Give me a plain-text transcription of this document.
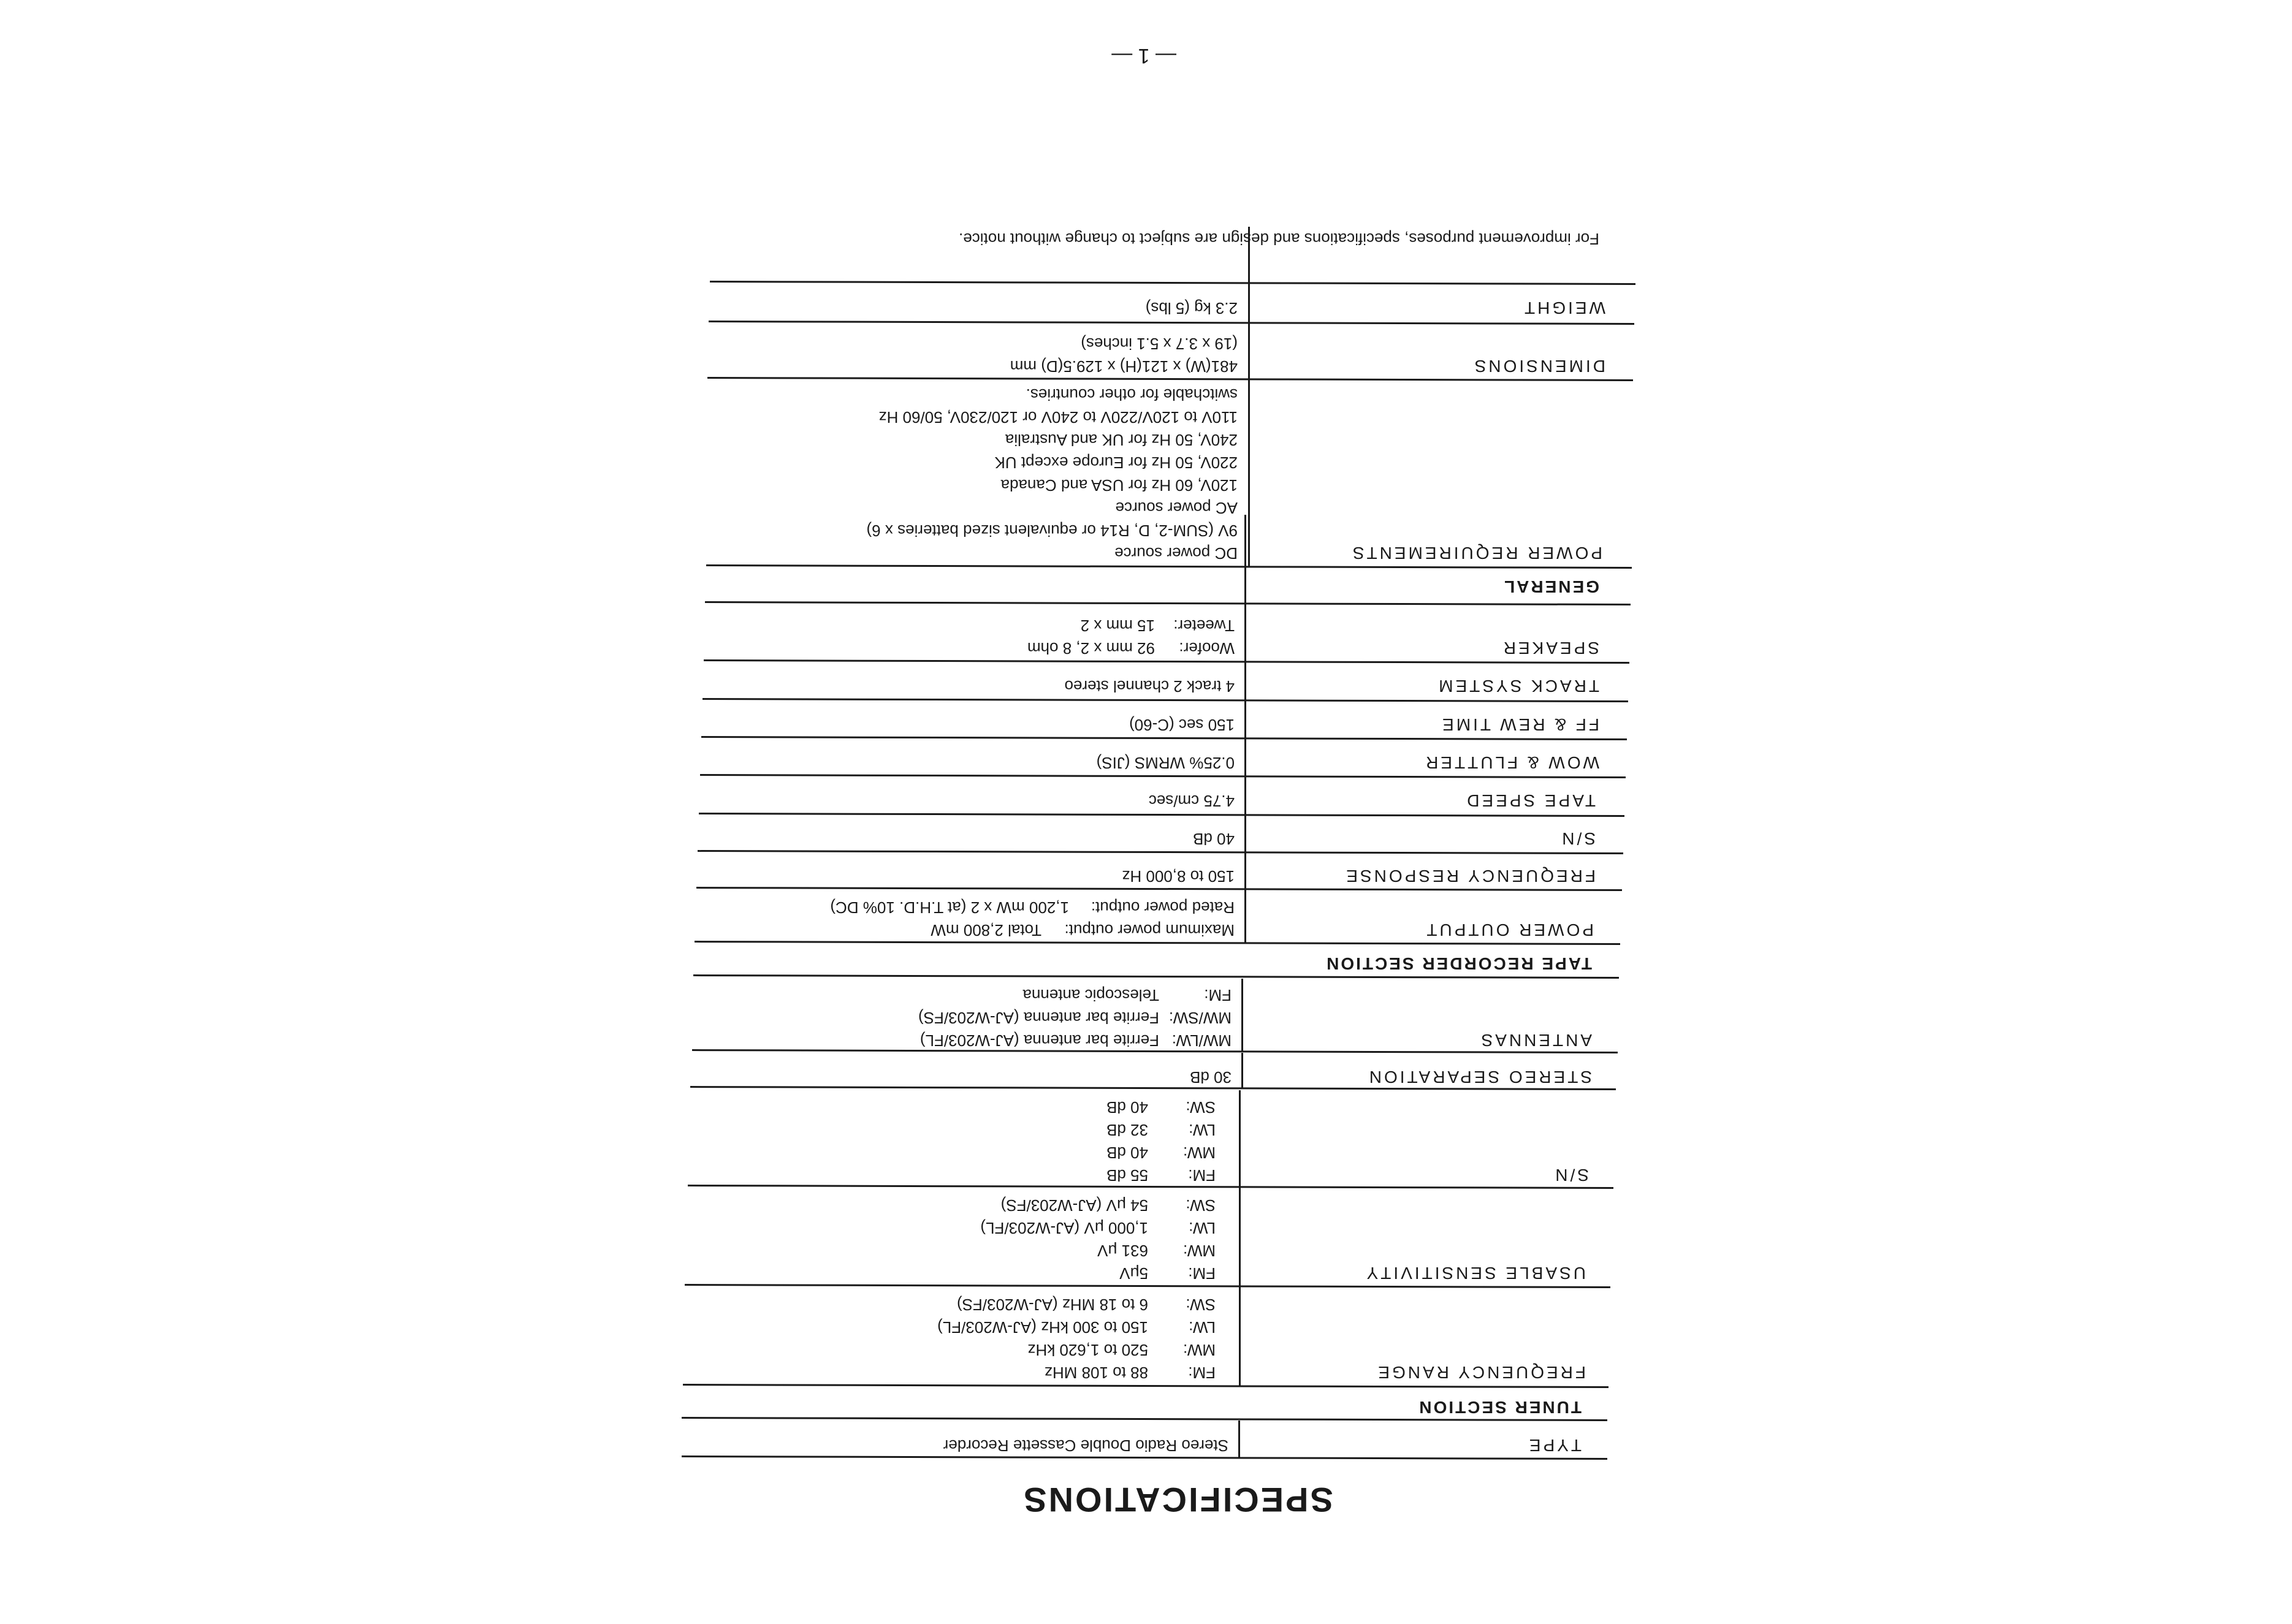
— 1 —
SPECIFICATIONS
TYPE
Stereo Radio Double Cassette Recorder
TUNER SECTION
FREQUENCY RANGE
FM:
88 to 108 MHz
MW:
520 to 1,620 kHz
LW:
150 to 300 kHz (AJ-W203/FL)
SW:
6 to 18 MHz (AJ-W203/FS)
USABLE SENSITIVITY
FM:
5μV
MW:
631 μV
LW:
1,000 μV (AJ-W203/FL)
SW:
54 μV (AJ-W203/FS)
S/N
FM:
55 dB
MW:
40 dB
LW:
32 dB
SW:
40 dB
STEREO SEPARATION
30 dB
ANTENNAS
MW/LW:
Ferrite bar antenna (AJ-W203/FL)
MW/SW:
Ferrite bar antenna (AJ-W203/FS)
FM:
Telescopic antenna
TAPE RECORDER SECTION
POWER OUTPUT
Maximum power output:
Total 2,800 mW
Rated power output:
1,200 mW x 2 (at T.H.D. 10% DC)
FREQUENCY RESPONSE
150 to 8,000 Hz
S/N
40 dB
TAPE SPEED
4.75 cm/sec
WOW & FLUTTER
0.25% WRMS (JIS)
FF & REW TIME
150 sec (C-60)
TRACK SYSTEM
4 track 2 channel stereo
SPEAKER
Woofer:
92 mm x 2, 8 ohm
Tweeter:
15 mm x 2
GENERAL
POWER REQUIREMENTS
DC power source
9V (SUM-2, D, R14 or equivalent sized batteries x 6)
AC power source
120V, 60 Hz for USA and Canada
220V, 50 Hz for Europe except UK
240V, 50 Hz for UK and Australia
110V to 120V/220V to 240V or 120/230V, 50/60 Hz
switchable for other countries.
DIMENSIONS
481(W) x 121(H) x 129.5(D) mm
(19 x 3.7 x 5.1 inches)
WEIGHT
2.3 kg (5 lbs)
For improvement purposes, specifications and design are subject to change without notice.
